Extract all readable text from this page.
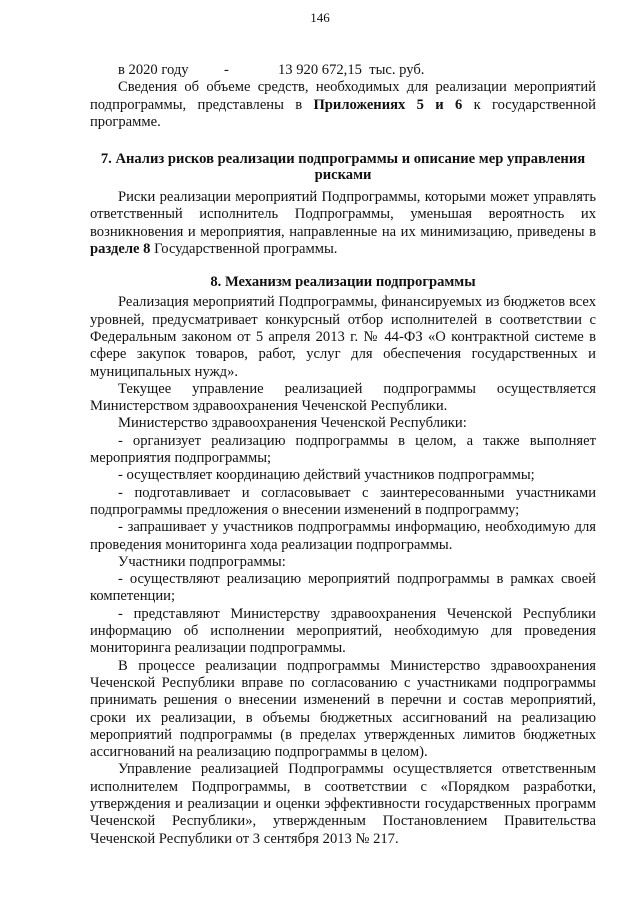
146
в 2020 году -	13 920 672,15  тыс. руб.

Сведения об объеме средств, необходимых для реализации мероприятий подпрограммы, представлены в Приложениях 5 и 6 к государственной программе.

7. Анализ рисков реализации подпрограммы и описание мер управления рисками

Риски реализации мероприятий Подпрограммы, которыми может управлять ответственный исполнитель Подпрограммы, уменьшая вероятность их возникновения и мероприятия, направленные на их минимизацию, приведены в разделе 8 Государственной программы.

8. Механизм реализации подпрограммы

Реализация мероприятий Подпрограммы, финансируемых из бюджетов всех уровней, предусматривает конкурсный отбор исполнителей в соответствии с Федеральным законом от 5 апреля 2013 г. № 44-ФЗ «О контрактной системе в сфере закупок товаров, работ, услуг для обеспечения государственных и муниципальных нужд».

Текущее управление реализацией подпрограммы осуществляется Министерством здравоохранения Чеченской Республики.

Министерство здравоохранения Чеченской Республики:

- организует реализацию подпрограммы в целом, а также выполняет мероприятия подпрограммы;

- осуществляет координацию действий участников подпрограммы;

- подготавливает и согласовывает с заинтересованными участниками подпрограммы предложения о внесении изменений в подпрограмму;

- запрашивает у участников подпрограммы информацию, необходимую для проведения мониторинга хода реализации подпрограммы.

Участники подпрограммы:

- осуществляют реализацию мероприятий подпрограммы в рамках своей компетенции;

- представляют Министерству здравоохранения Чеченской Республики информацию об исполнении мероприятий, необходимую для проведения мониторинга реализации подпрограммы.

В процессе реализации подпрограммы Министерство здравоохранения Чеченской Республики вправе по согласованию с участниками подпрограммы принимать решения о внесении изменений в перечни и состав мероприятий, сроки их реализации, в объемы бюджетных ассигнований на реализацию мероприятий подпрограммы (в пределах утвержденных лимитов бюджетных ассигнований на реализацию подпрограммы в целом).

Управление реализацией Подпрограммы осуществляется ответственным исполнителем Подпрограммы, в соответствии с «Порядком разработки, утверждения и реализации и оценки эффективности государственных программ Чеченской Республики», утвержденным Постановлением Правительства Чеченской Республики от 3 сентября 2013 № 217.
